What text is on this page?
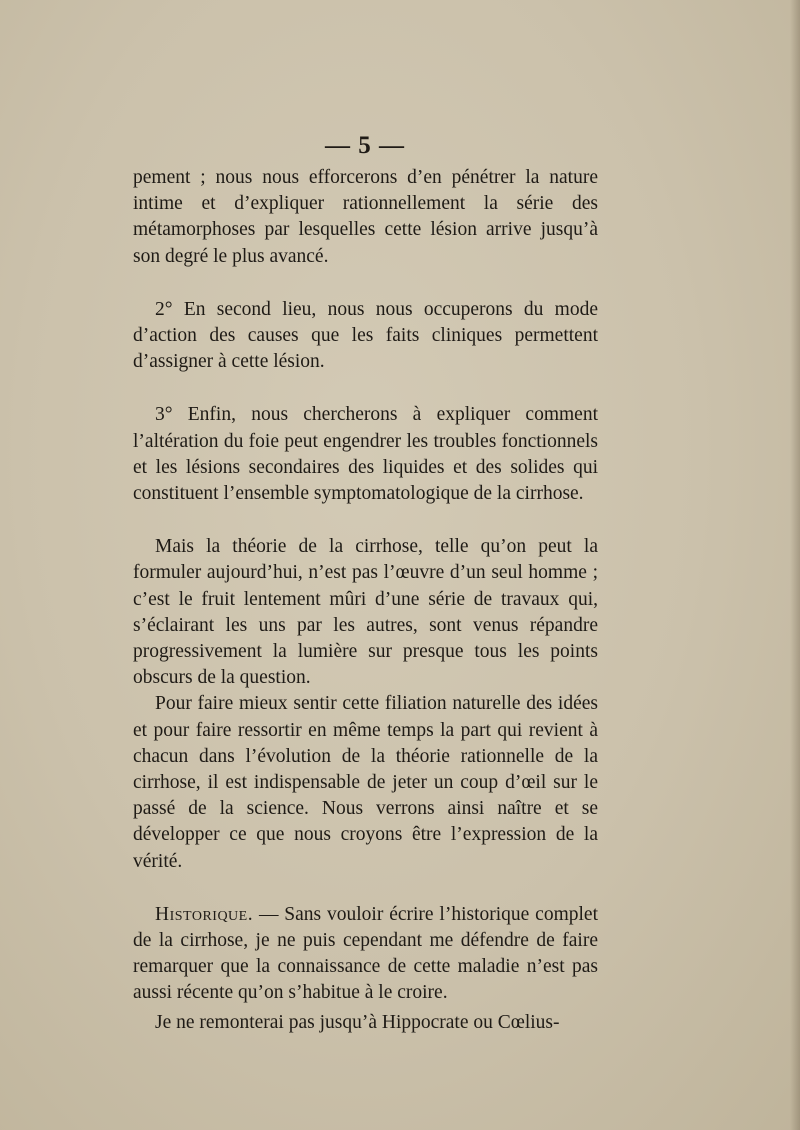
— 5 —

pement ; nous nous efforcerons d’en pénétrer la nature intime et d’expliquer rationnellement la série des métamorphoses par lesquelles cette lésion arrive jusqu’à son degré le plus avancé.

2° En second lieu, nous nous occuperons du mode d’action des causes que les faits cliniques permettent d’assigner à cette lésion.

3° Enfin, nous chercherons à expliquer comment l’altération du foie peut engendrer les troubles fonctionnels et les lésions secondaires des liquides et des solides qui constituent l’ensemble symptomatologique de la cirrhose.

Mais la théorie de la cirrhose, telle qu’on peut la formuler aujourd’hui, n’est pas l’œuvre d’un seul homme ; c’est le fruit lentement mûri d’une série de travaux qui, s’éclairant les uns par les autres, sont venus répandre progressivement la lumière sur presque tous les points obscurs de la question.

Pour faire mieux sentir cette filiation naturelle des idées et pour faire ressortir en même temps la part qui revient à chacun dans l’évolution de la théorie rationnelle de la cirrhose, il est indispensable de jeter un coup d’œil sur le passé de la science. Nous verrons ainsi naître et se développer ce que nous croyons être l’expression de la vérité.

Historique. — Sans vouloir écrire l’historique complet de la cirrhose, je ne puis cependant me défendre de faire remarquer que la connaissance de cette maladie n’est pas aussi récente qu’on s’habitue à le croire.

Je ne remonterai pas jusqu’à Hippocrate ou Cœlius-
